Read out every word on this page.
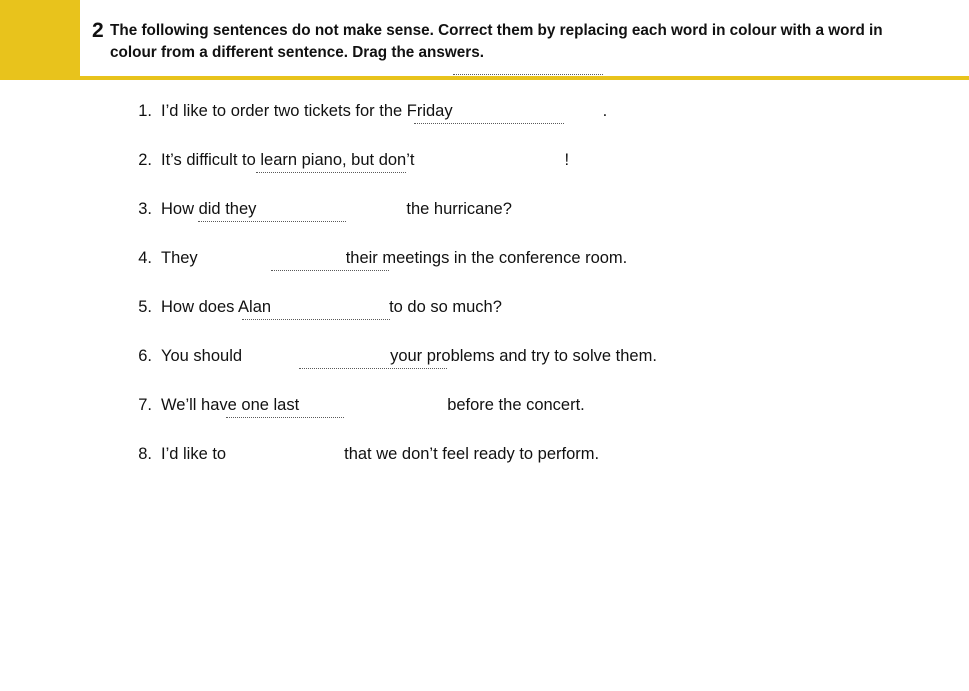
2 The following sentences do not make sense. Correct them by replacing each word in colour with a word in colour from a different sentence. Drag the answers.
1. I’d like to order two tickets for the Friday	.
2. It’s difficult to learn piano, but don’t	!
3. How did they	the hurricane?
4. They	their meetings in the conference room.
5. How does Alan	to do so much?
6. You should	your problems and try to solve them.
7. We’ll have one last	before the concert.
8. I’d like to	that we don’t feel ready to perform.
